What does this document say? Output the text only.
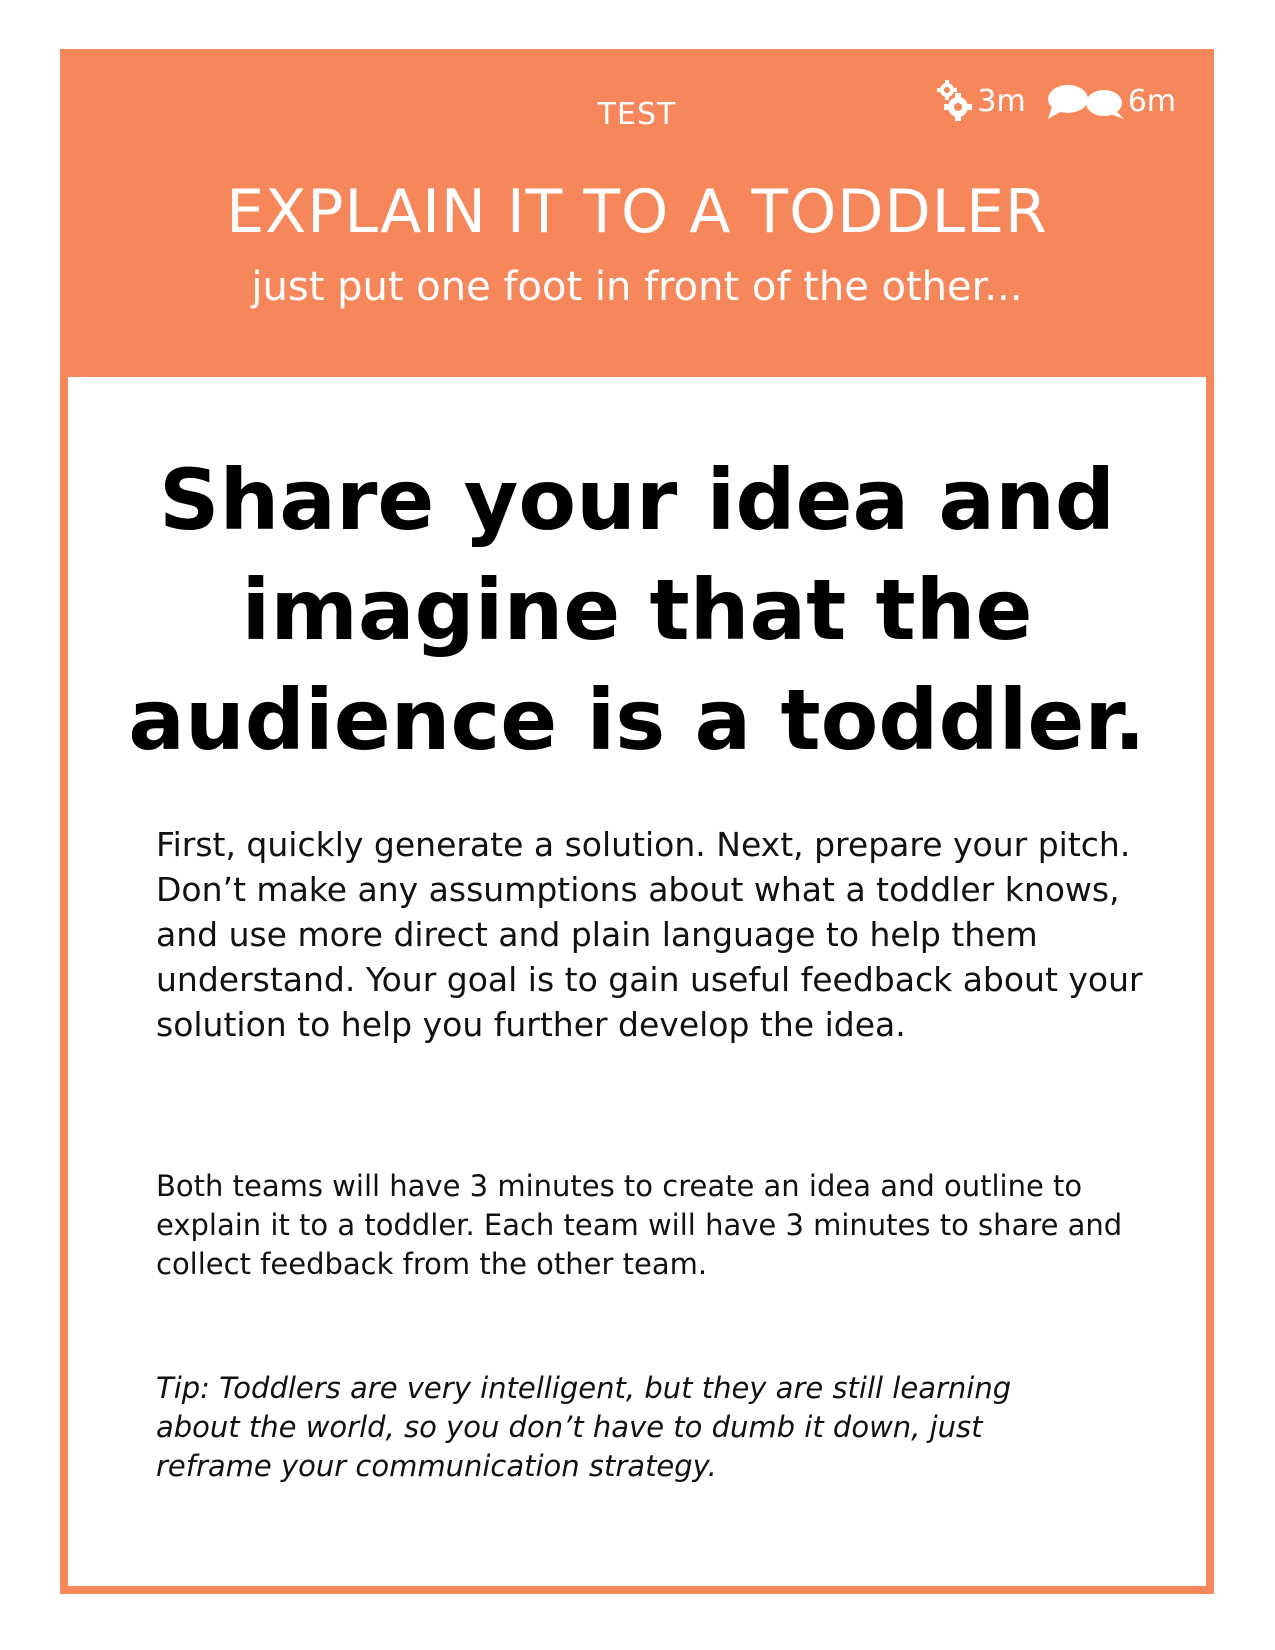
TEST	3m	6m
EXPLAIN IT TO A TODDLER
just put one foot in front of the other...
Share your idea and
imagine that the
audience is a toddler.
First, quickly generate a solution. Next, prepare your pitch. Don’t make any assumptions about what a toddler knows, and use more direct and plain language to help them understand. Your goal is to gain useful feedback about your solution to help you further develop the idea.
Both teams will have 3 minutes to create an idea and outline to explain it to a toddler. Each team will have 3 minutes to share and collect feedback from the other team.
Tip: Toddlers are very intelligent, but they are still learning about the world, so you don’t have to dumb it down, just reframe your communication strategy.
